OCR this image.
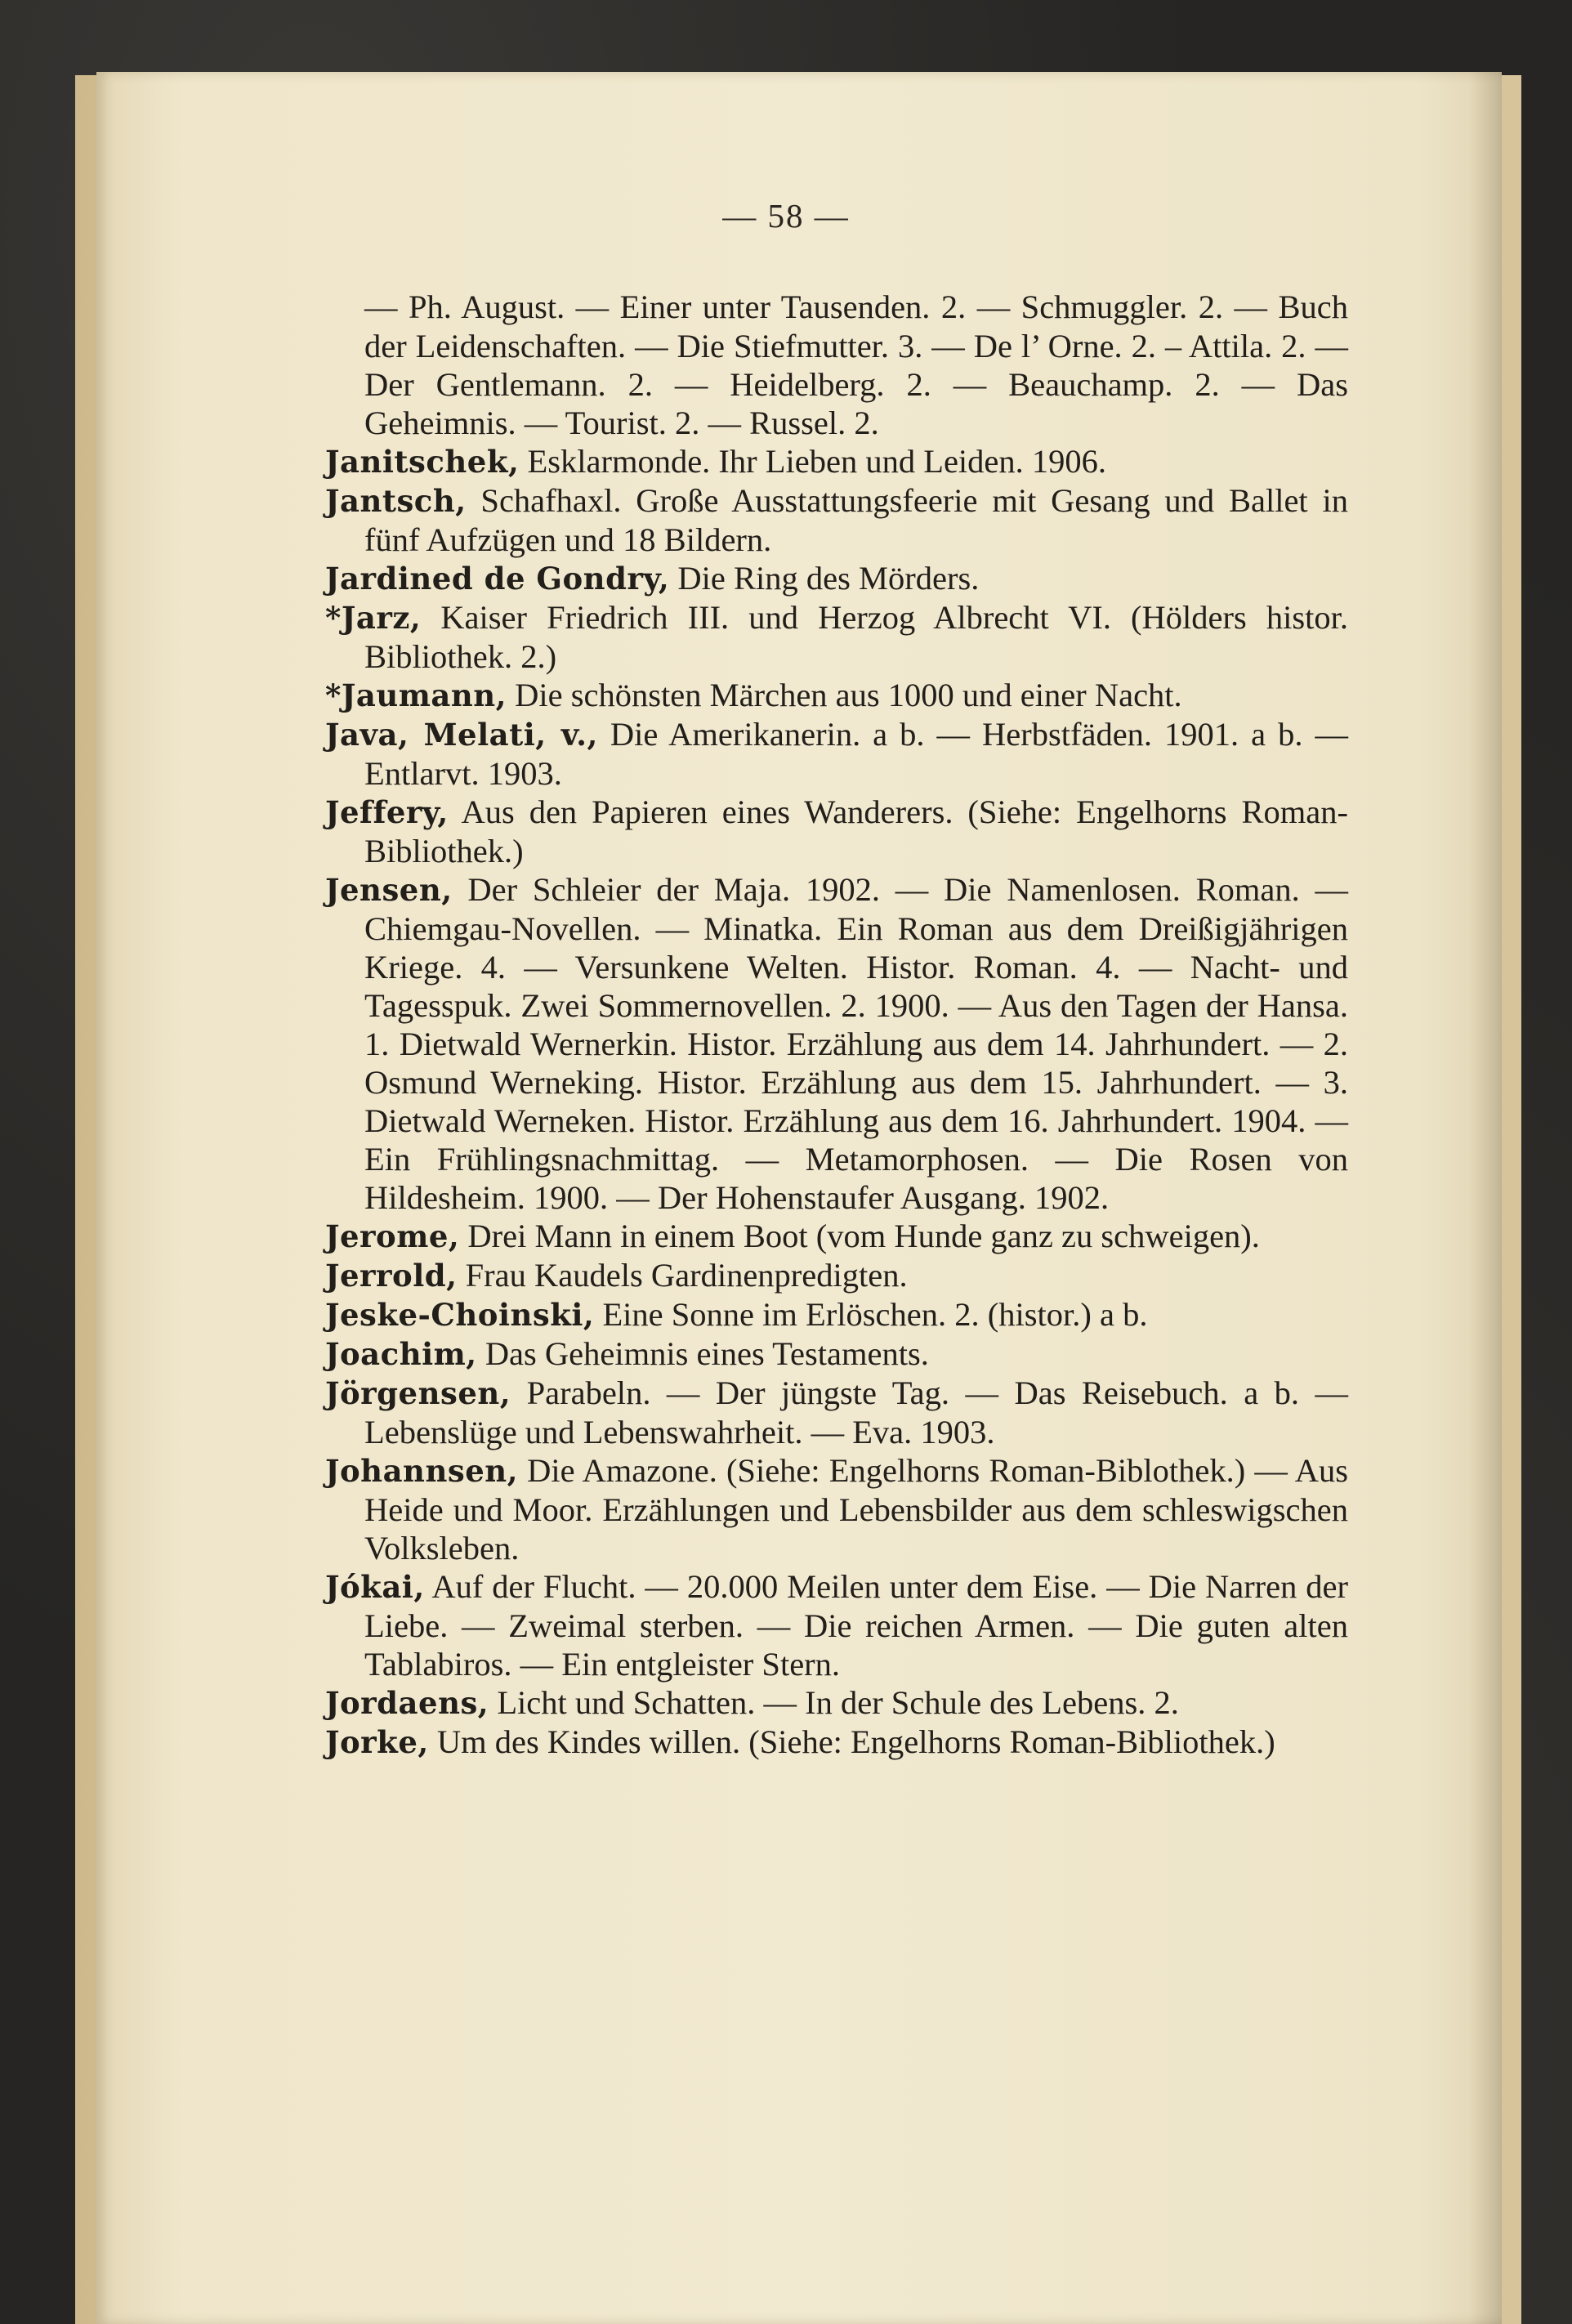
— 58 —

— Ph. August. — Einer unter Tausenden. 2. — Schmuggler. 2. — Buch der Leidenschaften. — Die Stiefmutter. 3. — De l’ Orne. 2. – Attila. 2. — Der Gentlemann. 2. — Heidelberg. 2. — Beauchamp. 2. — Das Geheimnis. — Tourist. 2. — Russel. 2.

Janitschek, Esklarmonde. Ihr Lieben und Leiden. 1906.

Jantsch, Schafhaxl. Große Ausstattungsfeerie mit Gesang und Ballet in fünf Aufzügen und 18 Bildern.

Jardined de Gondry, Die Ring des Mörders.

*Jarz, Kaiser Friedrich III. und Herzog Albrecht VI. (Hölders histor. Bibliothek. 2.)

*Jaumann, Die schönsten Märchen aus 1000 und einer Nacht.

Java, Melati, v., Die Amerikanerin. a b. — Herbstfäden. 1901. a b. — Entlarvt. 1903.

Jeffery, Aus den Papieren eines Wanderers. (Siehe: Engelhorns Roman-Bibliothek.)

Jensen, Der Schleier der Maja. 1902. — Die Namenlosen. Roman. — Chiemgau-Novellen. — Minatka. Ein Roman aus dem Dreißigjährigen Kriege. 4. — Versunkene Welten. Histor. Roman. 4. — Nacht- und Tagesspuk. Zwei Sommernovellen. 2. 1900. — Aus den Tagen der Hansa. 1. Dietwald Wernerkin. Histor. Erzählung aus dem 14. Jahrhundert. — 2. Osmund Werneking. Histor. Erzählung aus dem 15. Jahrhundert. — 3. Dietwald Werneken. Histor. Erzählung aus dem 16. Jahrhundert. 1904. — Ein Frühlingsnachmittag. — Metamorphosen. — Die Rosen von Hildesheim. 1900. — Der Hohenstaufer Ausgang. 1902.

Jerome, Drei Mann in einem Boot (vom Hunde ganz zu schweigen).

Jerrold, Frau Kaudels Gardinenpredigten.

Jeske-Choinski, Eine Sonne im Erlöschen. 2. (histor.) a b.

Joachim, Das Geheimnis eines Testaments.

Jörgensen, Parabeln. — Der jüngste Tag. — Das Reisebuch. a b. — Lebenslüge und Lebenswahrheit. — Eva. 1903.

Johannsen, Die Amazone. (Siehe: Engelhorns Roman-Biblothek.) — Aus Heide und Moor. Erzählungen und Lebensbilder aus dem schleswigschen Volksleben.

Jókai, Auf der Flucht. — 20.000 Meilen unter dem Eise. — Die Narren der Liebe. — Zweimal sterben. — Die reichen Armen. — Die guten alten Tablabiros. — Ein entgleister Stern.

Jordaens, Licht und Schatten. — In der Schule des Lebens. 2.

Jorke, Um des Kindes willen. (Siehe: Engelhorns Roman-Bibliothek.)
